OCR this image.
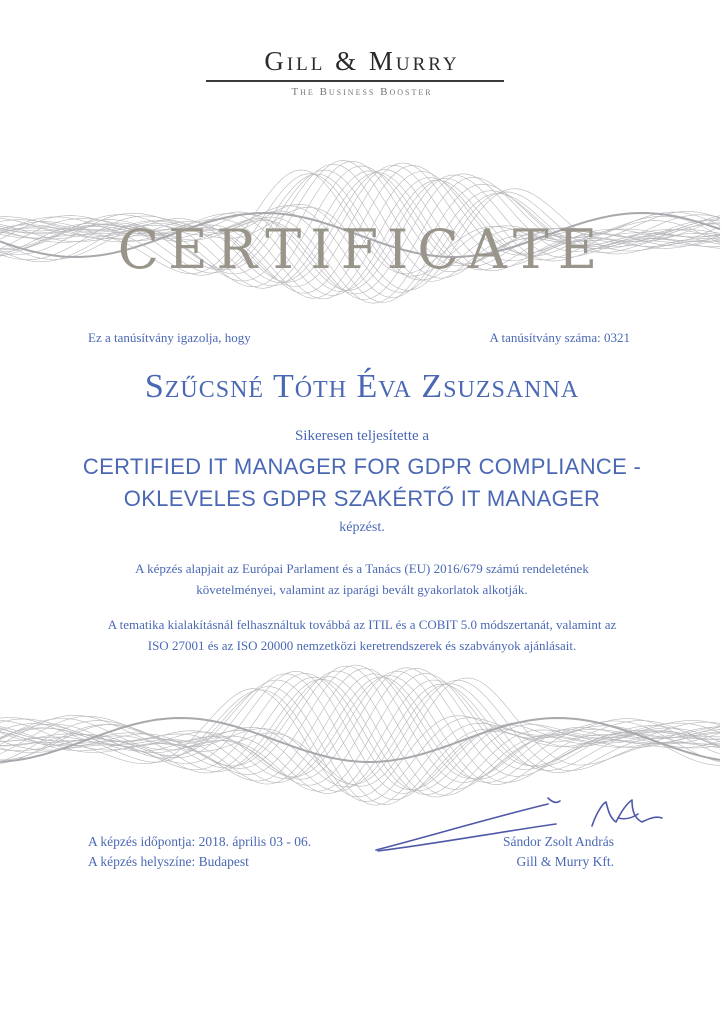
Gill & Murry
The Business Booster
CERTIFICATE
Ez a tanúsítvány igazolja, hogy	A tanúsítvány száma: 0321
Szűcsné Tóth Éva Zsuzsanna
Sikeresen teljesítette a
CERTIFIED IT MANAGER FOR GDPR COMPLIANCE -
OKLEVELES GDPR SZAKÉRTŐ IT MANAGER
képzést.
A képzés alapjait az Európai Parlament és a Tanács (EU) 2016/679 számú rendeletének
követelményei, valamint az iparági bevált gyakorlatok alkotják.
A tematika kialakításnál felhasználtuk továbbá az ITIL és a COBIT 5.0 módszertanát, valamint az
ISO 27001 és az ISO 20000 nemzetközi keretrendszerek és szabványok ajánlásait.
A képzés időpontja: 2018. április 03 - 06.
A képzés helyszíne: Budapest
Sándor Zsolt András
Gill & Murry Kft.
